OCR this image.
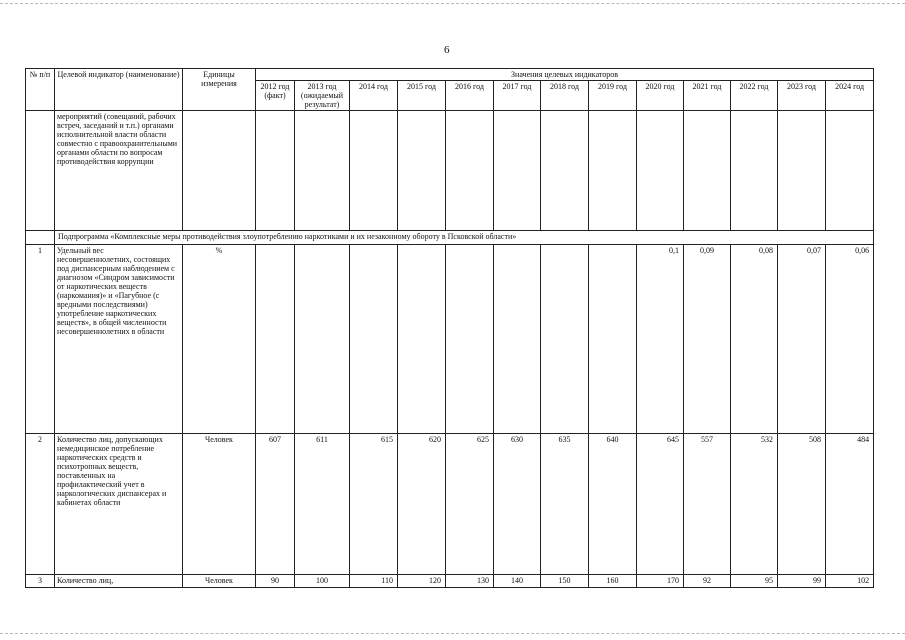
6
№ п/п	Целевой индикатор (наименование)	Единицы измерения	Значения целевых индикаторов												
			2012 год (факт)	2013 год (ожидаемый результат)	2014 год	2015 год	2016 год	2017 год	2018 год	2019 год	2020 год	2021 год	2022 год	2023 год	2024 год
	мероприятий (совещаний, рабочих встреч, заседаний и т.п.) органами исполнительной власти области совместно с правоохранительными органами области по вопросам противодействия коррупции														
	Подпрограмма «Комплексные меры противодействия злоупотреблению наркотиками и их незаконному обороту в Псковской области»														
1	Удельный вес несовершеннолетних, состоящих под диспансерным наблюдением с диагнозом «Синдром зависимости от наркотических веществ (наркомания)» и «Пагубное (с вредными последствиями) употребление наркотических веществ», в общей численности несовершеннолетних в области	%									0,1	0,09	0,08	0,07	0,06
2	Количество лиц, допускающих немедицинское потребление наркотических средств и психотропных веществ, поставленных на профилактический учет в наркологических диспансерах и кабинетах области	Человек	607	611	615	620	625	630	635	640	645	557	532	508	484
3	Количество лиц,	Человек	90	100	110	120	130	140	150	160	170	92	95	99	102
